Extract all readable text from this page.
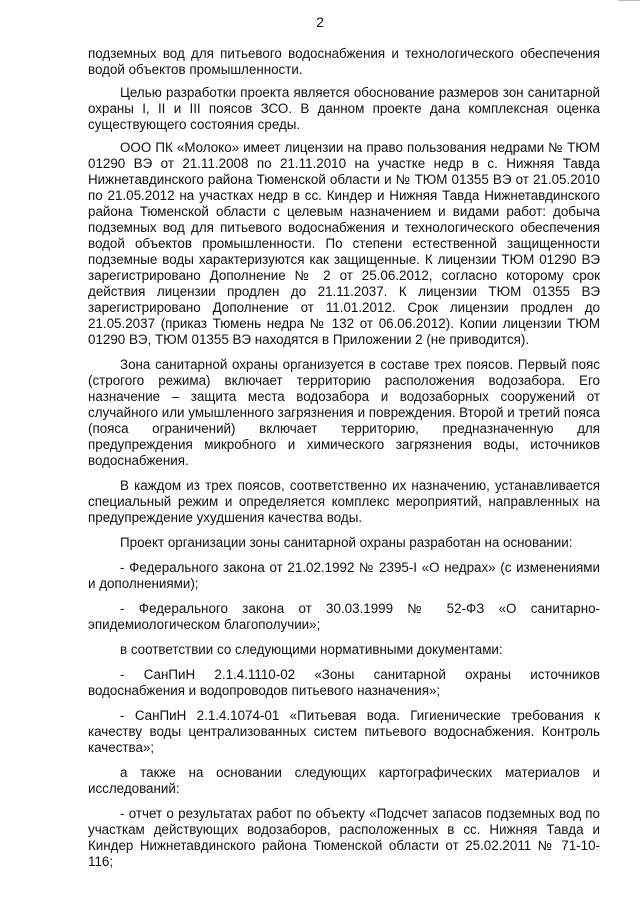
2

подземных вод для питьевого водоснабжения и технологического обеспечения водой объектов промышленности.

Целью разработки проекта является обоснование размеров зон санитарной охраны I, II и III поясов ЗСО. В данном проекте дана комплексная оценка существующего состояния среды.

ООО ПК «Молоко» имеет лицензии на право пользования недрами № ТЮМ 01290 ВЭ от 21.11.2008 по 21.11.2010 на участке недр в с. Нижняя Тавда Нижнетавдинского района Тюменской области и № ТЮМ 01355 ВЭ от 21.05.2010 по 21.05.2012 на участках недр в сс. Киндер и Нижняя Тавда Нижнетавдинского района Тюменской области с целевым назначением и видами работ: добыча подземных вод для питьевого водоснабжения и технологического обеспечения водой объектов промышленности. По степени естественной защищенности подземные воды характеризуются как защищенные. К лицензии ТЮМ 01290 ВЭ зарегистрировано Дополнение № 2 от 25.06.2012, согласно которому срок действия лицензии продлен до 21.11.2037. К лицензии ТЮМ 01355 ВЭ зарегистрировано Дополнение от 11.01.2012. Срок лицензии продлен до 21.05.2037 (приказ Тюмень недра № 132 от 06.06.2012). Копии лицензии ТЮМ 01290 ВЭ, ТЮМ 01355 ВЭ находятся в Приложении 2 (не приводится).

Зона санитарной охраны организуется в составе трех поясов. Первый пояс (строгого режима) включает территорию расположения водозабора. Его назначение – защита места водозабора и водозаборных сооружений от случайного или умышленного загрязнения и повреждения. Второй и третий пояса (пояса ограничений) включает территорию, предназначенную для предупреждения микробного и химического загрязнения воды, источников водоснабжения.

В каждом из трех поясов, соответственно их назначению, устанавливается специальный режим и определяется комплекс мероприятий, направленных на предупреждение ухудшения качества воды.

Проект организации зоны санитарной охраны разработан на основании:

- Федерального закона от 21.02.1992 № 2395-I «О недрах» (с изменениями и дополнениями);

- Федерального закона от 30.03.1999 № 52-ФЗ «О санитарно-эпидемиологическом благополучии»;

в соответствии со следующими нормативными документами:

- СанПиН 2.1.4.1110-02 «Зоны санитарной охраны источников водоснабжения и водопроводов питьевого назначения»;

- СанПиН 2.1.4.1074-01 «Питьевая вода. Гигиенические требования к качеству воды централизованных систем питьевого водоснабжения. Контроль качества»;

а также на основании следующих картографических материалов и исследований:

- отчет о результатах работ по объекту «Подсчет запасов подземных вод по участкам действующих водозаборов, расположенных в сс. Нижняя Тавда и Киндер Нижнетавдинского района Тюменской области от 25.02.2011 № 71-10-116;
